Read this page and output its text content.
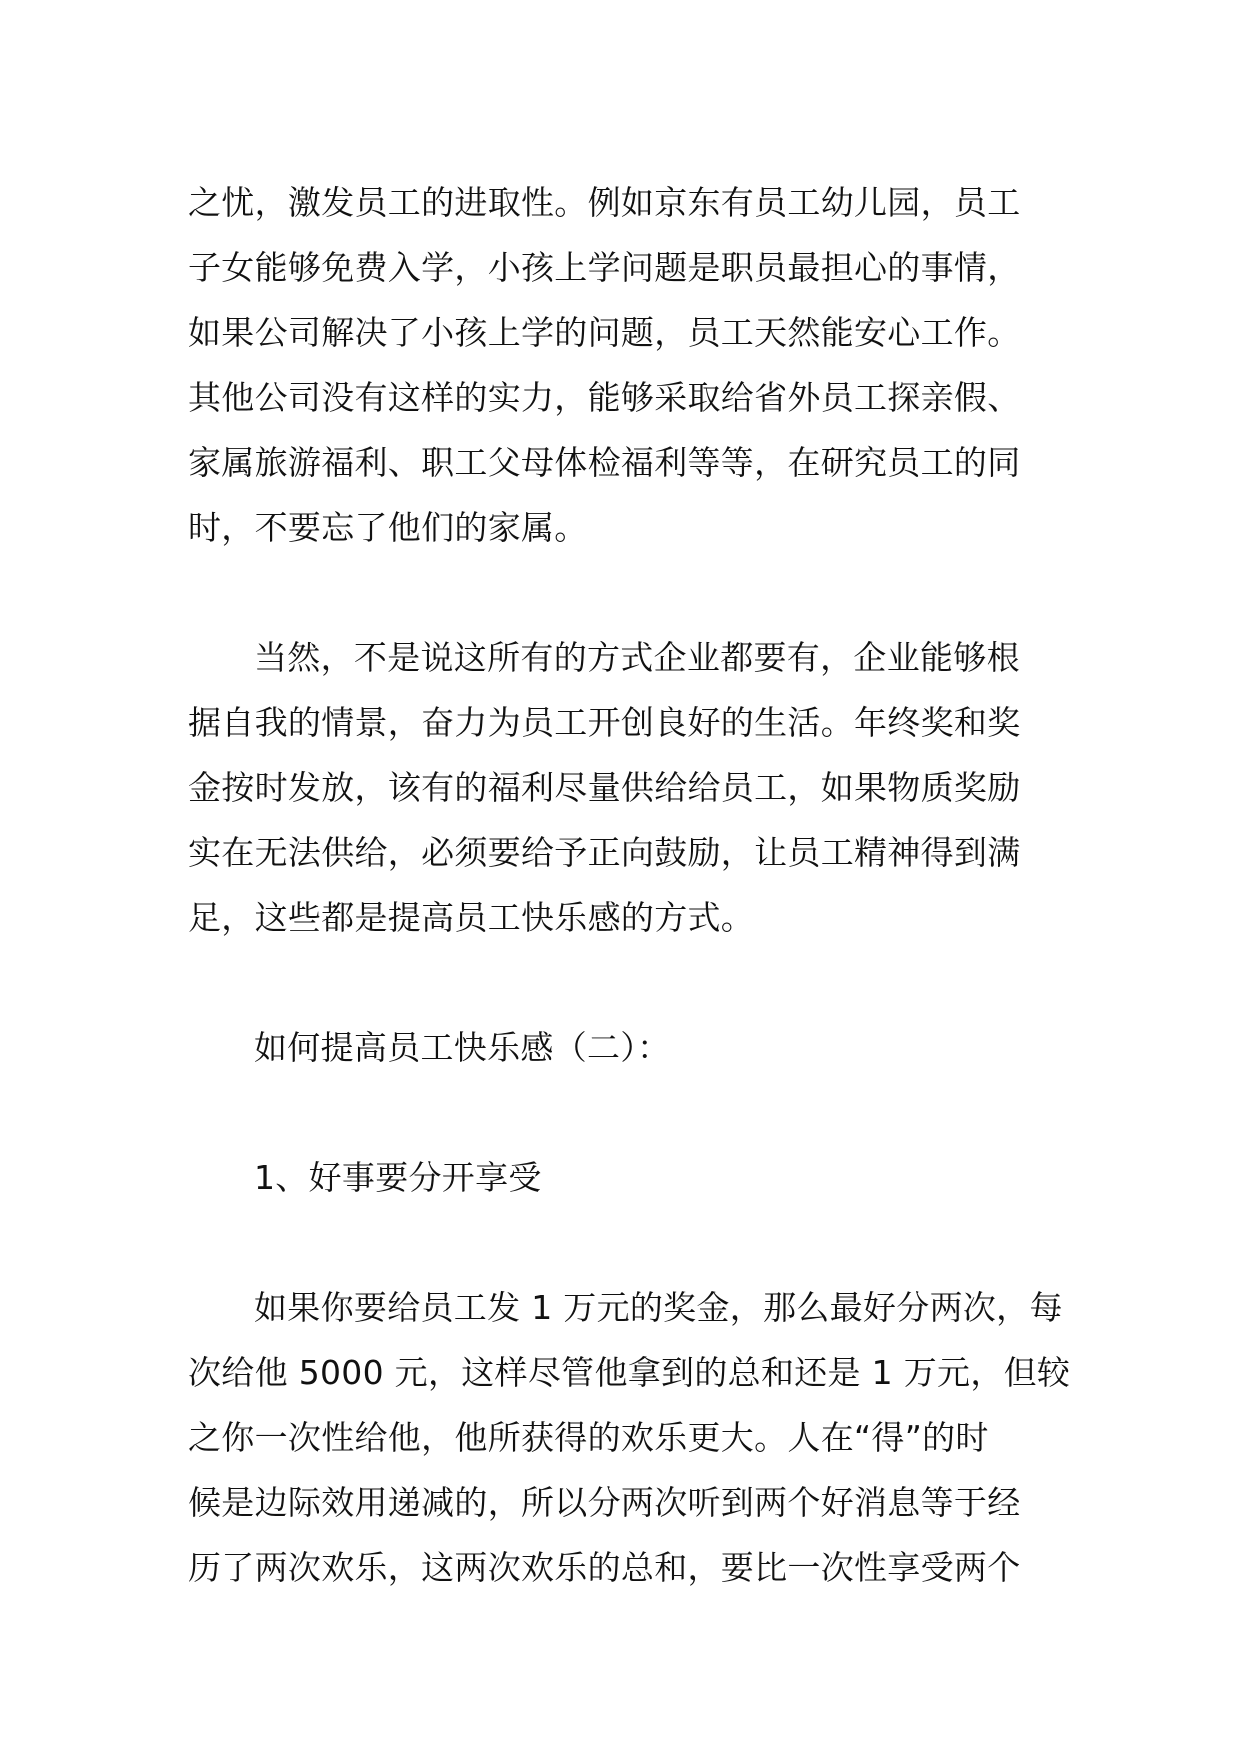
之忧，激发员工的进取性。例如京东有员工幼儿园，员工
子女能够免费入学，小孩上学问题是职员最担心的事情，
如果公司解决了小孩上学的问题，员工天然能安心工作。
其他公司没有这样的实力，能够采取给省外员工探亲假、
家属旅游福利、职工父母体检福利等等，在研究员工的同
时，不要忘了他们的家属。
当然，不是说这所有的方式企业都要有，企业能够根
据自我的情景，奋力为员工开创良好的生活。年终奖和奖
金按时发放，该有的福利尽量供给给员工，如果物质奖励
实在无法供给，必须要给予正向鼓励，让员工精神得到满
足，这些都是提高员工快乐感的方式。
如何提高员工快乐感（二）：
1、好事要分开享受
如果你要给员工发 1 万元的奖金，那么最好分两次，每
次给他 5000 元，这样尽管他拿到的总和还是 1 万元，但较
之你一次性给他，他所获得的欢乐更大。人在“得”的时
候是边际效用递减的，所以分两次听到两个好消息等于经
历了两次欢乐，这两次欢乐的总和，要比一次性享受两个
